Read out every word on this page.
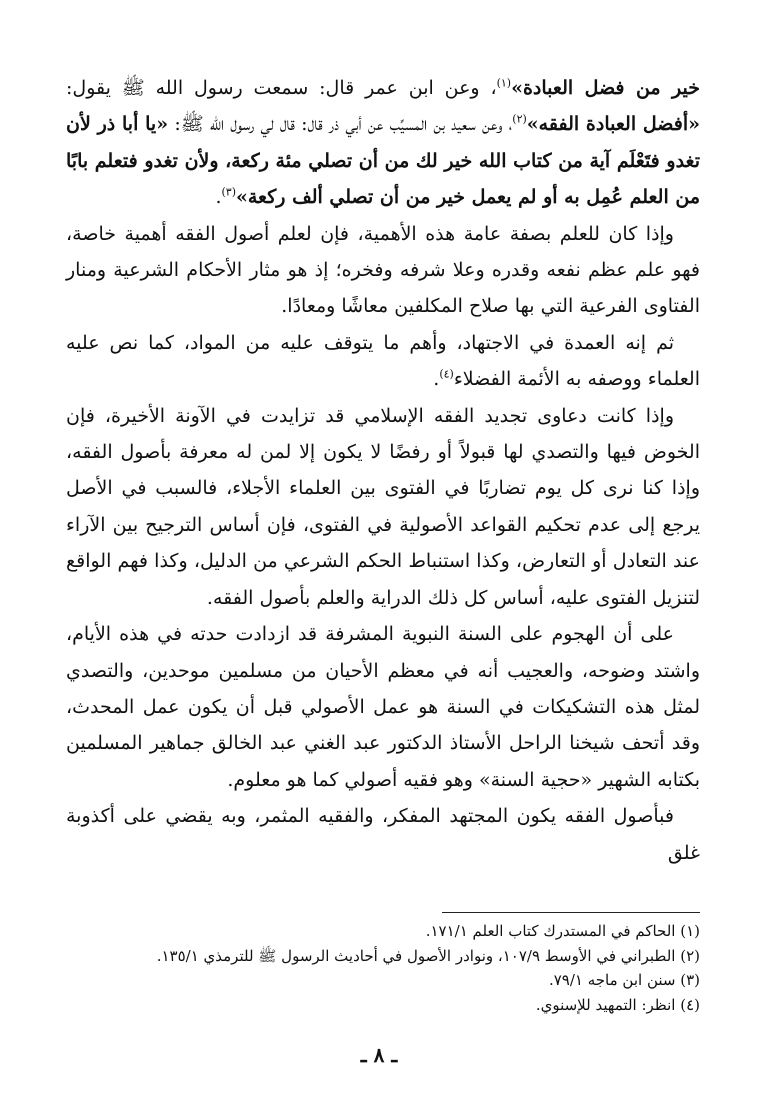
خير من فضل العبادة»$^{(١)}$، وعن ابن عمر قال: سمعت رسول الله ﷺ يقول: «أفضل العبادة الفقه»$^{(٢)}$، وعن سعيد بن المسيِّب عن أبي ذر قال: قال لي رسول الله ﷺ: «يا أبا ذر لأن تغدو فتَعْلَم آية من كتاب الله خير لك من أن تصلي مئة ركعة، ولأن تغدو فتعلم بابًا من العلم عُمِل به أو لم يعمل خير من أن تصلي ألف ركعة»$^{(٣)}$.

وإذا كان للعلم بصفة عامة هذه الأهمية، فإن لعلم أصول الفقه أهمية خاصة، فهو علم عظم نفعه وقدره وعلا شرفه وفخره؛ إذ هو مثار الأحكام الشرعية ومنار الفتاوى الفرعية التي بها صلاح المكلفين معاشًا ومعادًا.

ثم إنه العمدة في الاجتهاد، وأهم ما يتوقف عليه من المواد، كما نص عليه العلماء ووصفه به الأئمة الفضلاء$^{(٤)}$.

وإذا كانت دعاوى تجديد الفقه الإسلامي قد تزايدت في الآونة الأخيرة، فإن الخوض فيها والتصدي لها قبولاً أو رفضًا لا يكون إلا لمن له معرفة بأصول الفقه، وإذا كنا نرى كل يوم تضاربًا في الفتوى بين العلماء الأجلاء، فالسبب في الأصل يرجع إلى عدم تحكيم القواعد الأصولية في الفتوى، فإن أساس الترجيح بين الآراء عند التعادل أو التعارض، وكذا استنباط الحكم الشرعي من الدليل، وكذا فهم الواقع لتنزيل الفتوى عليه، أساس كل ذلك الدراية والعلم بأصول الفقه.

على أن الهجوم على السنة النبوية المشرفة قد ازدادت حدته في هذه الأيام، واشتد وضوحه، والعجيب أنه في معظم الأحيان من مسلمين موحدين، والتصدي لمثل هذه التشكيكات في السنة هو عمل الأصولي قبل أن يكون عمل المحدث، وقد أتحف شيخنا الراحل الأستاذ الدكتور عبد الغني عبد الخالق جماهير المسلمين بكتابه الشهير «حجية السنة» وهو فقيه أصولي كما هو معلوم.

فبأصول الفقه يكون المجتهد المفكر، والفقيه المثمر، وبه يقضي على أكذوبة غلق

(١) الحاكم في المستدرك كتاب العلم ١٧١/١.

(٢) الطبراني في الأوسط ١٠٧/٩، ونوادر الأصول في أحاديث الرسول ﷺ للترمذي ١٣٥/١.

(٣) سنن ابن ماجه ٧٩/١.

(٤) انظر: التمهيد للإسنوي.

ـ ٨ ـ
